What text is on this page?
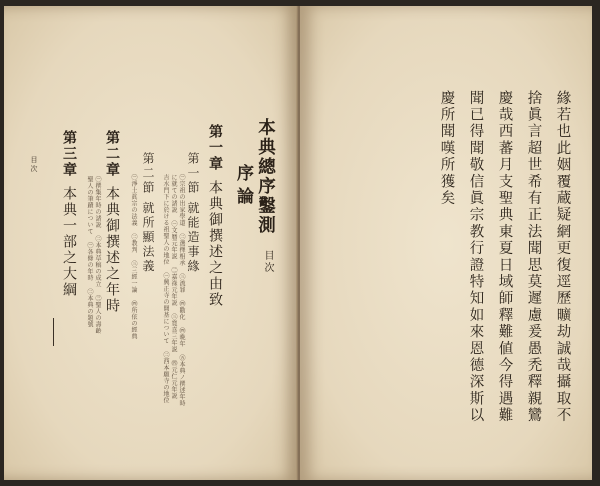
本典總序鑿測
目次
序論
第一章本典御撰述之由致
第一節就能造事緣
㊀宗祖の出家學道 ㊁選擇相承 ㊂流罪 ㊃勸化 ㊃晩年 ㊄本典ノ撰述年時
に就ての諸説 ㊀文暦元年説 ㊁嘉祿元年説 ㊂寛喜三年説 ㊃元仁元年説
吉水門下に於ける祖聖人の地位 ㊀興正寺の開基について ㊁西本願寺の地位
第二節就所顯法義
㊀淨土眞宗の法義 ㊁教判 ㊂三經一論 ㊃所依の經典
第二章本典御撰述之年時
㊀撰集年時の諸説 ㊁本典草稿の成立 ㊂聖人の壽齡
聖人の筆蹟について ㊀各條の年時 ㊁本典の題號
第三章本典一部之大綱
目次	緣若也此姻覆蔵疑網更復逕歷曠劫誠哉攝取不
捨眞言超世希有正法聞思莫遲慮爰愚禿釋親鸞
慶哉西蕃月支聖典東夏日域師釋難値今得遇難
聞已得聞敬信眞宗教行證特知如來恩德深斯以
慶所聞嘆所獲矣
